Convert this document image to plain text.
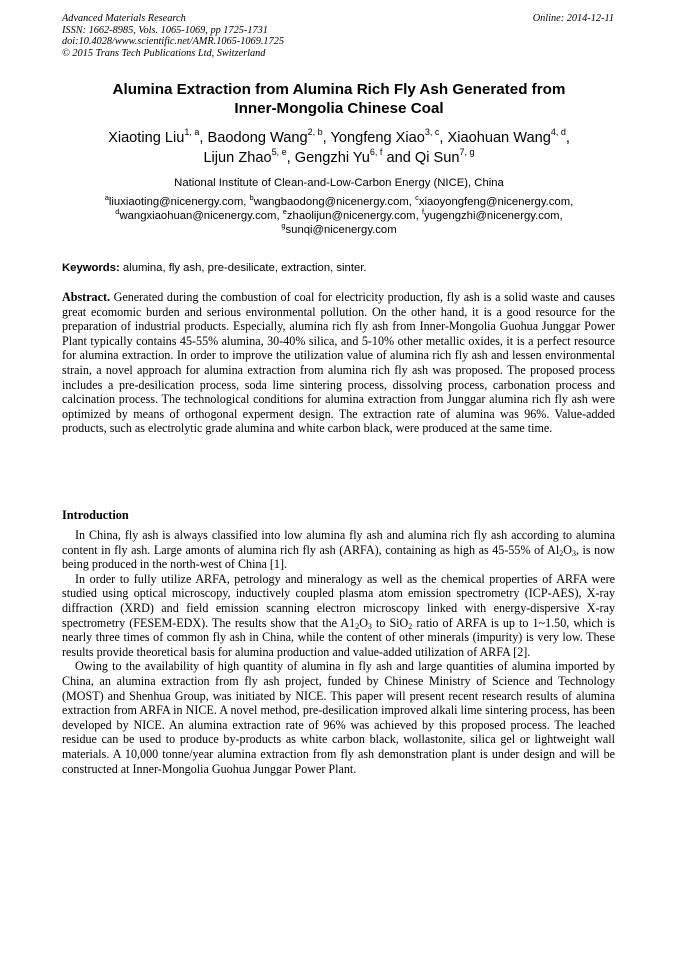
Advanced Materials Research
ISSN: 1662-8985, Vols. 1065-1069, pp 1725-1731
doi:10.4028/www.scientific.net/AMR.1065-1069.1725
© 2015 Trans Tech Publications Ltd, Switzerland
Online: 2014-12-11
Alumina Extraction from Alumina Rich Fly Ash Generated from
Inner-Mongolia Chinese Coal
Xiaoting Liu$^{1, a}$, Baodong Wang$^{2, b}$, Yongfeng Xiao$^{3, c}$, Xiaohuan Wang$^{4, d}$,
Lijun Zhao$^{5, e}$, Gengzhi Yu$^{6, f}$ and Qi Sun$^{7, g}$
National Institute of Clean-and-Low-Carbon Energy (NICE), China
$^a$liuxiaoting@nicenergy.com, $^b$wangbaodong@nicenergy.com, $^c$xiaoyongfeng@nicenergy.com,
$^d$wangxiaohuan@nicenergy.com, $^e$zhaolijun@nicenergy.com, $^f$yugengzhi@nicenergy.com,
$^g$sunqi@nicenergy.com
Keywords: alumina, fly ash, pre-desilicate, extraction, sinter.
Abstract. Generated during the combustion of coal for electricity production, fly ash is a solid waste and causes great ecomomic burden and serious environmental pollution. On the other hand, it is a good resource for the preparation of industrial products. Especially, alumina rich fly ash from Inner-Mongolia Guohua Junggar Power Plant typically contains 45-55% alumina, 30-40% silica, and 5-10% other metallic oxides, it is a perfect resource for alumina extraction. In order to improve the utilization value of alumina rich fly ash and lessen environmental strain, a novel approach for alumina extraction from alumina rich fly ash was proposed. The proposed process includes a pre-desilication process, soda lime sintering process, dissolving process, carbonation process and calcination process. The technological conditions for alumina extraction from Junggar alumina rich fly ash were optimized by means of orthogonal experment design. The extraction rate of alumina was 96%. Value-added products, such as electrolytic grade alumina and white carbon black, were produced at the same time.
Introduction

In China, fly ash is always classified into low alumina fly ash and alumina rich fly ash according to alumina content in fly ash. Large amonts of alumina rich fly ash (ARFA), containing as high as 45-55% of $Al_2O_3$, is now being produced in the north-west of China [1].

In order to fully utilize ARFA, petrology and mineralogy as well as the chemical properties of ARFA were studied using optical microscopy, inductively coupled plasma atom emission spectrometry (ICP-AES), X-ray diffraction (XRD) and field emission scanning electron microscopy linked with energy-dispersive X-ray spectrometry (FESEM-EDX). The results show that the $A1_2O_3$ to SiO$_2$ ratio of ARFA is up to 1~1.50, which is nearly three times of common fly ash in China, while the content of other minerals (impurity) is very low. These results provide theoretical basis for alumina production and value-added utilization of ARFA [2].

Owing to the availability of high quantity of alumina in fly ash and large quantities of alumina imported by China, an alumina extraction from fly ash project, funded by Chinese Ministry of Science and Technology (MOST) and Shenhua Group, was initiated by NICE. This paper will present recent research results of alumina extraction from ARFA in NICE. A novel method, pre-desilication improved alkali lime sintering process, has been developed by NICE. An alumina extraction rate of 96% was achieved by this proposed process. The leached residue can be used to produce by-products as white carbon black, wollastonite, silica gel or lightweight wall materials. A 10,000 tonne/year alumina extraction from fly ash demonstration plant is under design and will be constructed at Inner-Mongolia Guohua Junggar Power Plant.
